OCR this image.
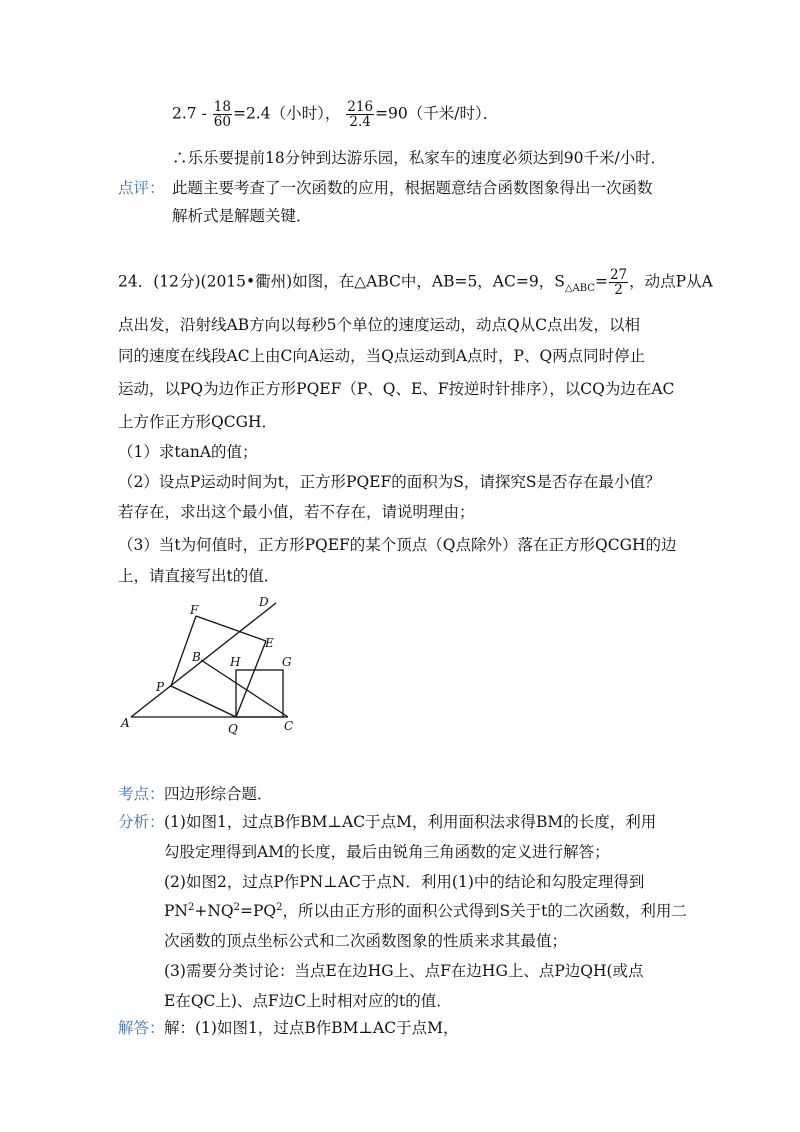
$2.7 - \frac{18}{60} =2.4$（小时）， $\frac{216}{2.4} =90$（千米/时）．
∴乐乐要提前18分钟到达游乐园，私家车的速度必须达到90千米/小时．
点评： 此题主要考查了一次函数的应用，根据题意结合函数图象得出一次函数
解析式是解题关键．
24．(12分)(2015•衢州)如图，在△ABC中，AB=5，AC=9，$S_{\triangle ABC}= \frac{27}{2}$ ，动点P从A
点出发，沿射线AB方向以每秒5个单位的速度运动，动点Q从C点出发，以相
同的速度在线段AC上由C向A运动，当Q点运动到A点时，P、Q两点同时停止
运动，以PQ为边作正方形PQEF（P、Q、E、F按逆时针排序），以CQ为边在AC
上方作正方形QCGH．
（1）求tanA的值；
（2）设点P运动时间为t，正方形PQEF的面积为S，请探究S是否存在最小值？
若存在，求出这个最小值，若不存在，请说明理由；
（3）当t为何值时，正方形PQEF的某个顶点（Q点除外）落在正方形QCGH的边
上，请直接写出t的值．
D
F
E
B H	G
P
A	Q	C
考点： 四边形综合题．
分析： (1)如图1，过点B作BM⊥AC于点M，利用面积法求得BM的长度，利用
勾股定理得到AM的长度，最后由锐角三角函数的定义进行解答；
(2)如图2，过点P作PN⊥AC于点N．利用(1)中的结论和勾股定理得到
$PN^2+NQ^2=PQ^2$，所以由正方形的面积公式得到S关于t的二次函数，利用二
次函数的顶点坐标公式和二次函数图象的性质来求其最值；
(3)需要分类讨论：当点E在边HG上、点F在边HG上、点P边QH(或点
E在QC上)、点F边C上时相对应的t的值．
解答： 解：(1)如图1，过点B作BM⊥AC于点M，
